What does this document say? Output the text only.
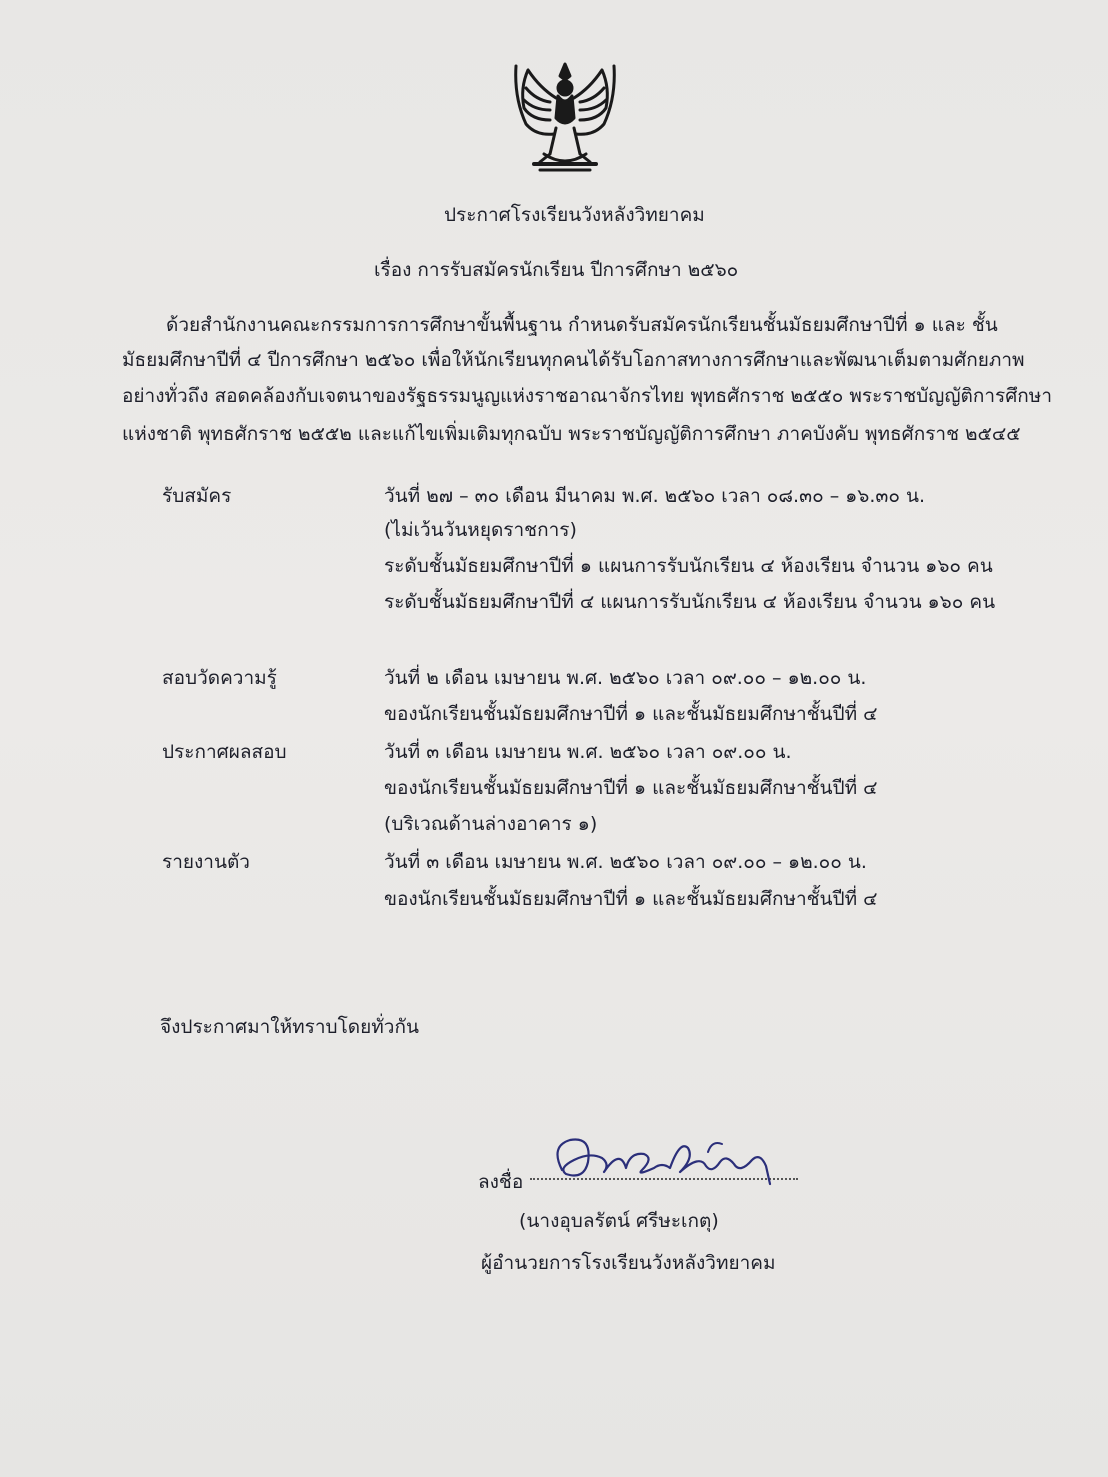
ประกาศโรงเรียนวังหลังวิทยาคม
เรื่อง การรับสมัครนักเรียน ปีการศึกษา ๒๕๖๐
ด้วยสำนักงานคณะกรรมการการศึกษาขั้นพื้นฐาน กำหนดรับสมัครนักเรียนชั้นมัธยมศึกษาปีที่ ๑ และ ชั้น
มัธยมศึกษาปีที่ ๔ ปีการศึกษา ๒๕๖๐ เพื่อให้นักเรียนทุกคนได้รับโอกาสทางการศึกษาและพัฒนาเต็มตามศักยภาพ
อย่างทั่วถึง สอดคล้องกับเจตนาของรัฐธรรมนูญแห่งราชอาณาจักรไทย พุทธศักราช ๒๕๕๐ พระราชบัญญัติการศึกษา
แห่งชาติ พุทธศักราช ๒๕๕๒ และแก้ไขเพิ่มเติมทุกฉบับ พระราชบัญญัติการศึกษา ภาคบังคับ พุทธศักราช ๒๕๔๕
รับสมัคร	วันที่ ๒๗ – ๓๐ เดือน มีนาคม พ.ศ. ๒๕๖๐ เวลา ๐๘.๓๐ – ๑๖.๓๐ น.
(ไม่เว้นวันหยุดราชการ)
ระดับชั้นมัธยมศึกษาปีที่ ๑ แผนการรับนักเรียน ๔ ห้องเรียน จำนวน ๑๖๐ คน
ระดับชั้นมัธยมศึกษาปีที่ ๔ แผนการรับนักเรียน ๔ ห้องเรียน จำนวน ๑๖๐ คน
สอบวัดความรู้	วันที่ ๒ เดือน เมษายน พ.ศ. ๒๕๖๐ เวลา ๐๙.๐๐ – ๑๒.๐๐ น.
ของนักเรียนชั้นมัธยมศึกษาปีที่ ๑ และชั้นมัธยมศึกษาชั้นปีที่ ๔
ประกาศผลสอบ	วันที่ ๓ เดือน เมษายน พ.ศ. ๒๕๖๐ เวลา ๐๙.๐๐ น.
ของนักเรียนชั้นมัธยมศึกษาปีที่ ๑ และชั้นมัธยมศึกษาชั้นปีที่ ๔
(บริเวณด้านล่างอาคาร ๑)
รายงานตัว	วันที่ ๓ เดือน เมษายน พ.ศ. ๒๕๖๐ เวลา ๐๙.๐๐ – ๑๒.๐๐ น.
ของนักเรียนชั้นมัธยมศึกษาปีที่ ๑ และชั้นมัธยมศึกษาชั้นปีที่ ๔
จึงประกาศมาให้ทราบโดยทั่วกัน
ลงชื่อ
(นางอุบลรัตน์ ศรีษะเกตุ)
ผู้อำนวยการโรงเรียนวังหลังวิทยาคม
